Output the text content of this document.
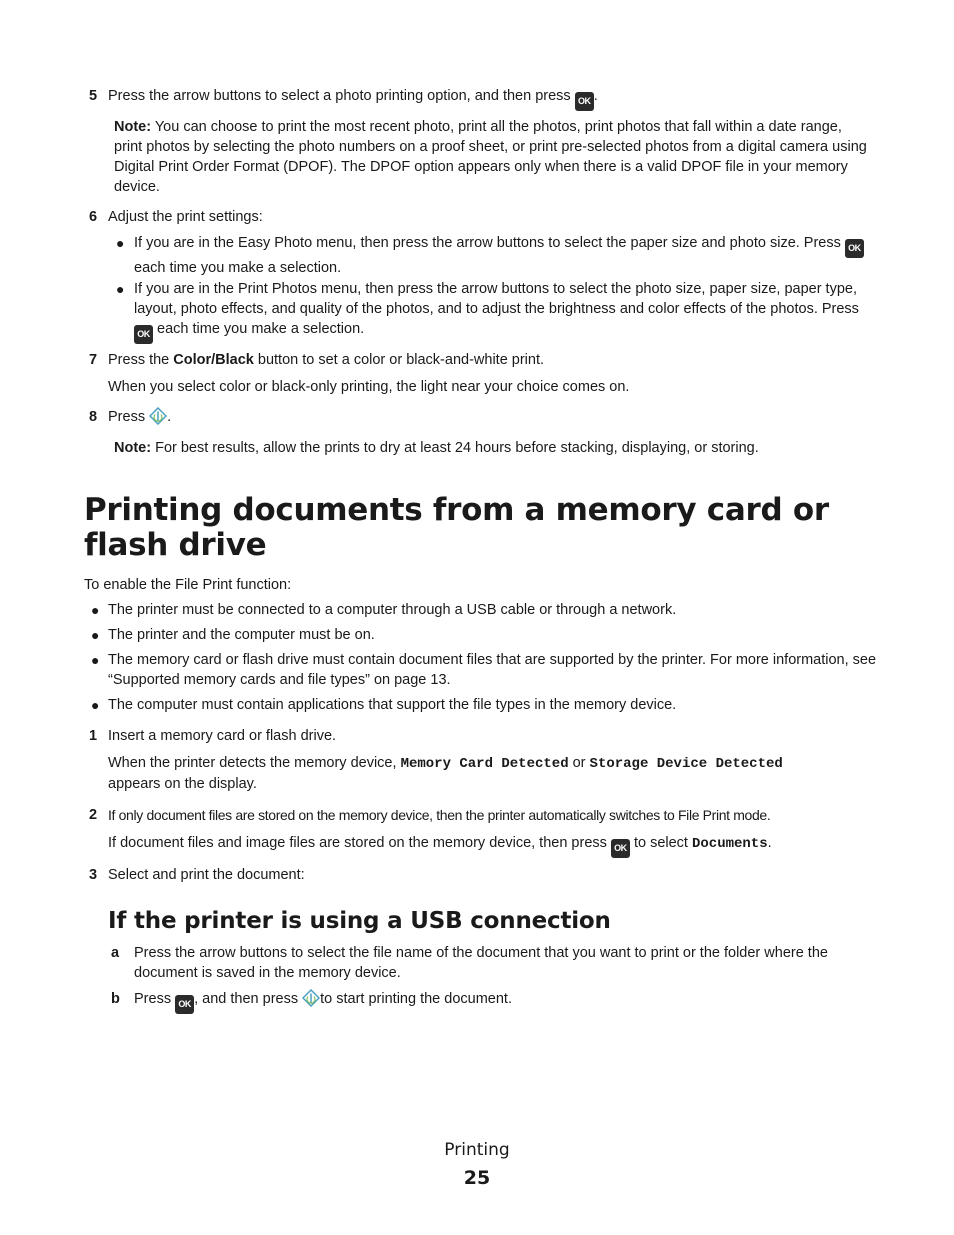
5 Press the arrow buttons to select a photo printing option, and then press OK .
Note: You can choose to print the most recent photo, print all the photos, print photos that fall within a date range, print photos by selecting the photo numbers on a proof sheet, or print pre-selected photos from a digital camera using Digital Print Order Format (DPOF). The DPOF option appears only when there is a valid DPOF file in your memory device.
6 Adjust the print settings:
● If you are in the Easy Photo menu, then press the arrow buttons to select the paper size and photo size. Press OK each time you make a selection.
● If you are in the Print Photos menu, then press the arrow buttons to select the photo size, paper size, paper type, layout, photo effects, and quality of the photos, and to adjust the brightness and color effects of the photos. Press OK each time you make a selection.
7 Press the Color/Black button to set a color or black-and-white print.
When you select color or black-only printing, the light near your choice comes on.
8 Press .
Note: For best results, allow the prints to dry at least 24 hours before stacking, displaying, or storing.
Printing documents from a memory card or flash drive
To enable the File Print function:
● The printer must be connected to a computer through a USB cable or through a network.
● The printer and the computer must be on.
● The memory card or flash drive must contain document files that are supported by the printer. For more information, see “Supported memory cards and file types” on page 13.
● The computer must contain applications that support the file types in the memory device.
1 Insert a memory card or flash drive.
When the printer detects the memory device, Memory Card Detected or Storage Device Detected appears on the display.
2 If only document files are stored on the memory device, then the printer automatically switches to File Print mode.
If document files and image files are stored on the memory device, then press OK to select Documents.
3 Select and print the document:
If the printer is using a USB connection
a Press the arrow buttons to select the file name of the document that you want to print or the folder where the document is saved in the memory device.
b Press OK , and then press to start printing the document.
Printing
25
